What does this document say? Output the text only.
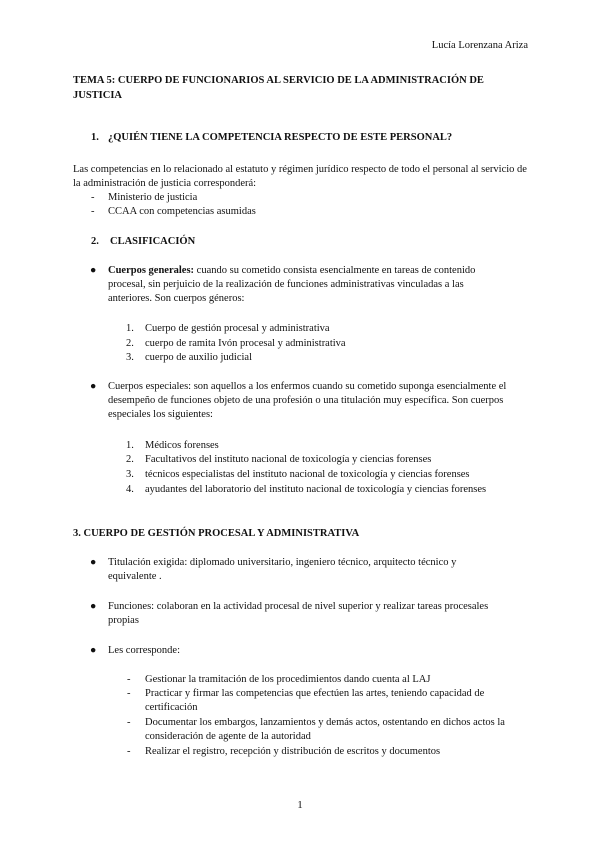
Lucía Lorenzana Ariza
TEMA 5: CUERPO DE FUNCIONARIOS AL SERVICIO DE LA ADMINISTRACIÓN DE JUSTICIA
1. ¿QUIÉN TIENE LA COMPETENCIA RESPECTO DE ESTE PERSONAL?
Las competencias en lo relacionado al estatuto y régimen jurídico respecto de todo el personal al servicio de la administración de justicia corresponderá:
- Ministerio de justicia
- CCAA con competencias asumidas
2. CLASIFICACIÓN
● Cuerpos generales: cuando su cometido consista esencialmente en tareas de contenido procesal, sin perjuicio de la realización de funciones administrativas vinculadas a las anteriores. Son cuerpos géneros:
1. Cuerpo de gestión procesal y administrativa
2. cuerpo de ramita Ivón procesal y administrativa
3. cuerpo de auxilio judicial
● Cuerpos especiales: son aquellos a los enfermos cuando su cometido suponga esencialmente el desempeño de funciones objeto de una profesión o una titulación muy específica. Son cuerpos especiales los siguientes:
1. Médicos forenses
2. Facultativos del instituto nacional de toxicología y ciencias forenses
3. técnicos especialistas del instituto nacional de toxicología y ciencias forenses
4. ayudantes del laboratorio del instituto nacional de toxicología y ciencias forenses
3. CUERPO DE GESTIÓN PROCESAL Y ADMINISTRATIVA
● Titulación exigida: diplomado universitario, ingeniero técnico, arquitecto técnico y equivalente .
● Funciones: colaboran en la actividad procesal de nivel superior y realizar tareas procesales propias
● Les corresponde:
- Gestionar la tramitación de los procedimientos dando cuenta al LAJ
- Practicar y firmar las competencias que efectúen las artes, teniendo capacidad de certificación
- Documentar los embargos, lanzamientos y demás actos, ostentando en dichos actos la consideración de agente de la autoridad
- Realizar el registro, recepción y distribución de escritos y documentos
1
